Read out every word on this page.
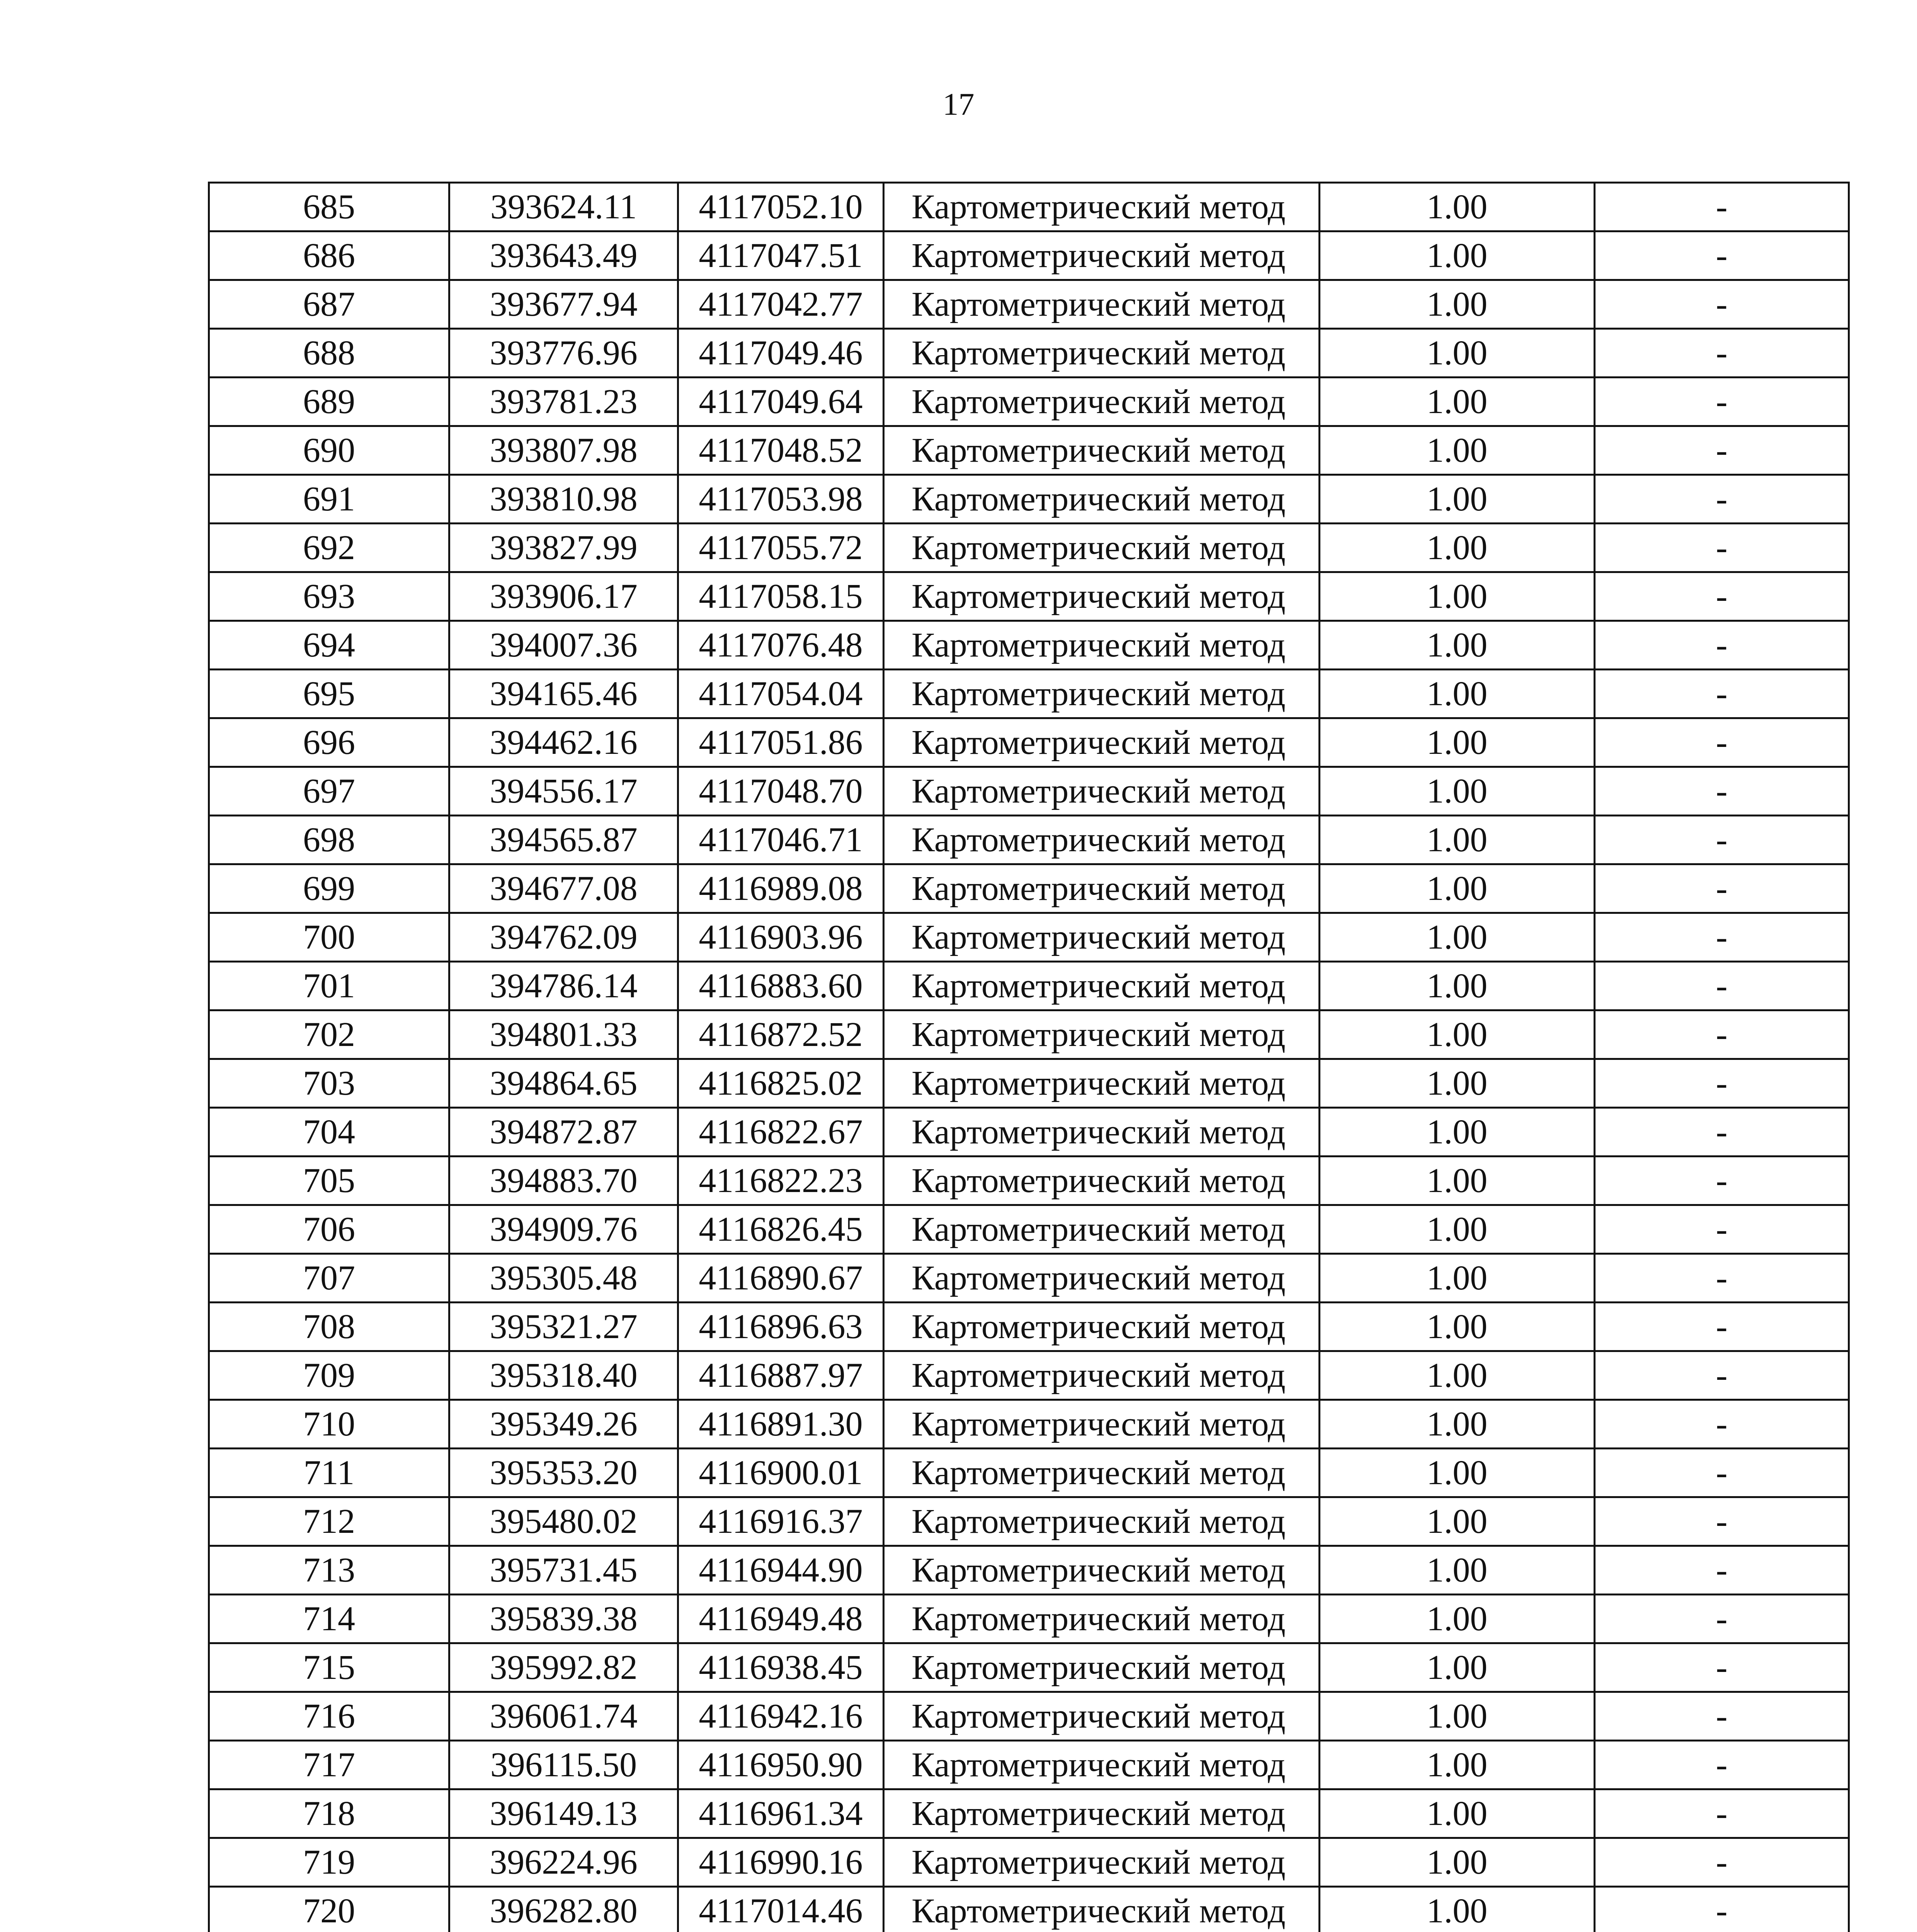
17
685	393624.11	4117052.10	Картометрический метод	1.00	-
686	393643.49	4117047.51	Картометрический метод	1.00	-
687	393677.94	4117042.77	Картометрический метод	1.00	-
688	393776.96	4117049.46	Картометрический метод	1.00	-
689	393781.23	4117049.64	Картометрический метод	1.00	-
690	393807.98	4117048.52	Картометрический метод	1.00	-
691	393810.98	4117053.98	Картометрический метод	1.00	-
692	393827.99	4117055.72	Картометрический метод	1.00	-
693	393906.17	4117058.15	Картометрический метод	1.00	-
694	394007.36	4117076.48	Картометрический метод	1.00	-
695	394165.46	4117054.04	Картометрический метод	1.00	-
696	394462.16	4117051.86	Картометрический метод	1.00	-
697	394556.17	4117048.70	Картометрический метод	1.00	-
698	394565.87	4117046.71	Картометрический метод	1.00	-
699	394677.08	4116989.08	Картометрический метод	1.00	-
700	394762.09	4116903.96	Картометрический метод	1.00	-
701	394786.14	4116883.60	Картометрический метод	1.00	-
702	394801.33	4116872.52	Картометрический метод	1.00	-
703	394864.65	4116825.02	Картометрический метод	1.00	-
704	394872.87	4116822.67	Картометрический метод	1.00	-
705	394883.70	4116822.23	Картометрический метод	1.00	-
706	394909.76	4116826.45	Картометрический метод	1.00	-
707	395305.48	4116890.67	Картометрический метод	1.00	-
708	395321.27	4116896.63	Картометрический метод	1.00	-
709	395318.40	4116887.97	Картометрический метод	1.00	-
710	395349.26	4116891.30	Картометрический метод	1.00	-
711	395353.20	4116900.01	Картометрический метод	1.00	-
712	395480.02	4116916.37	Картометрический метод	1.00	-
713	395731.45	4116944.90	Картометрический метод	1.00	-
714	395839.38	4116949.48	Картометрический метод	1.00	-
715	395992.82	4116938.45	Картометрический метод	1.00	-
716	396061.74	4116942.16	Картометрический метод	1.00	-
717	396115.50	4116950.90	Картометрический метод	1.00	-
718	396149.13	4116961.34	Картометрический метод	1.00	-
719	396224.96	4116990.16	Картометрический метод	1.00	-
720	396282.80	4117014.46	Картометрический метод	1.00	-
